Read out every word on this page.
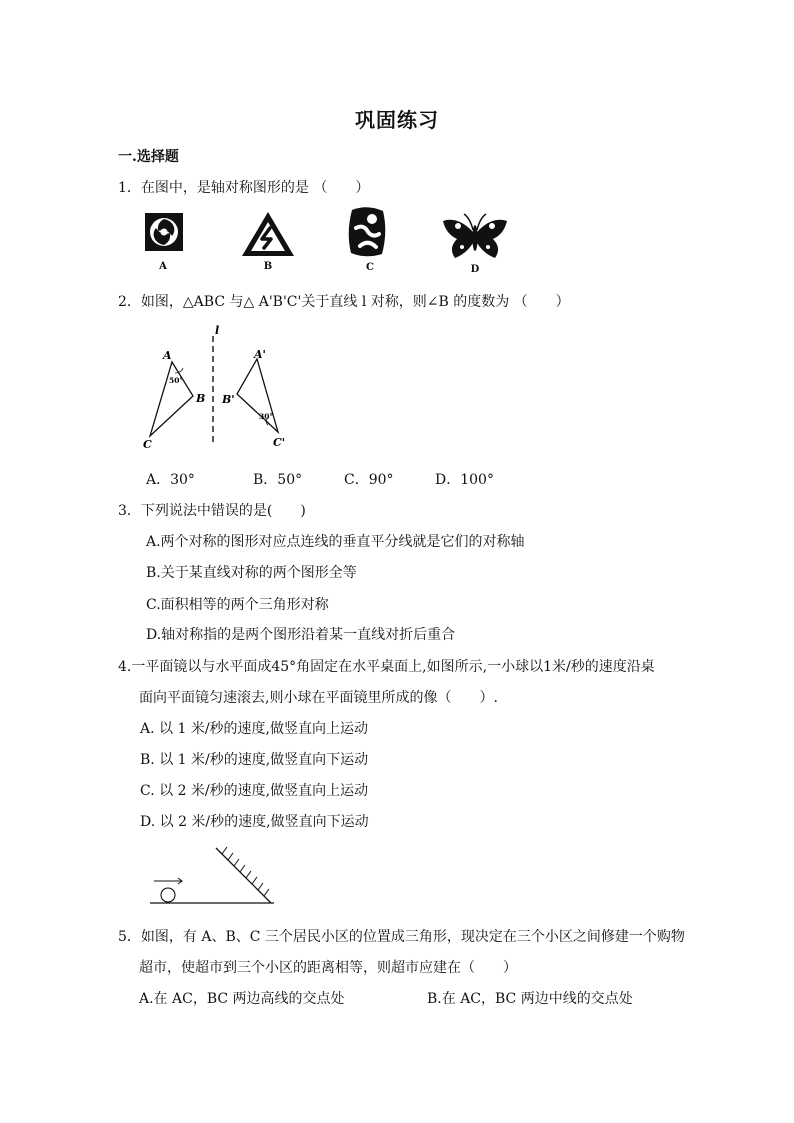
巩固练习
一.选择题
1．在图中，是轴对称图形的是 （　　）
A	B	C	D
2．如图，△ABC 与△ A'B'C'关于直线 l 对称，则∠B 的度数为 （　　）
l
A
B
C
50°
A'
B'
C'
30°
A．30°	B．50°	C．90°	D．100°
3．下列说法中错误的是(　　)
A.两个对称的图形对应点连线的垂直平分线就是它们的对称轴
B.关于某直线对称的两个图形全等
C.面积相等的两个三角形对称
D.轴对称指的是两个图形沿着某一直线对折后重合
4.一平面镜以与水平面成45°角固定在水平桌面上,如图所示,一小球以1米/秒的速度沿桌
面向平面镜匀速滚去,则小球在平面镜里所成的像（　　）.
A. 以 1 米/秒的速度,做竖直向上运动
B. 以 1 米/秒的速度,做竖直向下运动
C. 以 2 米/秒的速度,做竖直向上运动
D. 以 2 米/秒的速度,做竖直向下运动
5．如图，有 A、B、C 三个居民小区的位置成三角形，现决定在三个小区之间修建一个购物
超市，使超市到三个小区的距离相等，则超市应建在（　　）
A.在 AC，BC 两边高线的交点处	B.在 AC，BC 两边中线的交点处
